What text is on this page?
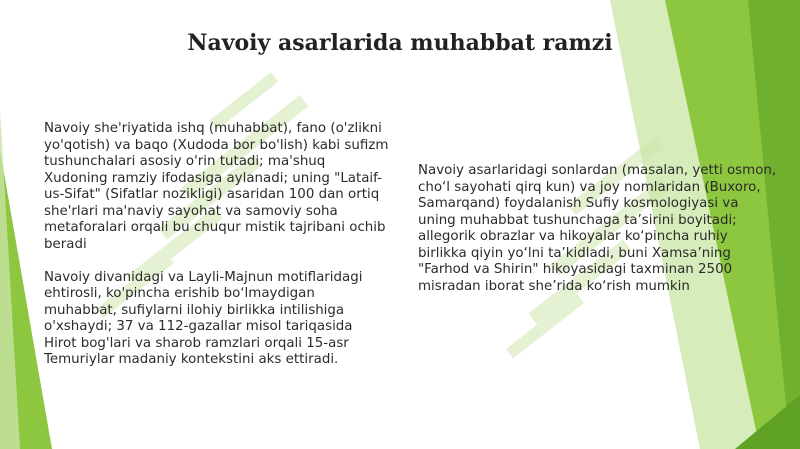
Navoiy asarlarida muhabbat ramzi

Navoiy she'riyatida ishq (muhabbat), fano (o'zlikni yo'qotish) va baqo (Xudoda bor bo'lish) kabi sufizm tushunchalari asosiy o'rin tutadi; ma'shuq Xudoning ramziy ifodasiga aylanadi; uning "Lataif-us-Sifat" (Sifatlar nozikligi) asaridan 100 dan ortiq she'rlari ma'naviy sayohat va samoviy soha metaforalari orqali bu chuqur mistik tajribani ochib beradi

Navoiy divanidagi va Layli-Majnun motiflaridagi ehtirosli, ko'pincha erishib boʻlmaydigan muhabbat, sufiylarni ilohiy birlikka intilishiga o'xshaydi; 37 va 112-gazallar misol tariqasida Hirot bog'lari va sharob ramzlari orqali 15-asr Temuriylar madaniy kontekstini aks ettiradi.

Navoiy asarlaridagi sonlardan (masalan, yetti osmon, cho‘l sayohati qirq kun) va joy nomlaridan (Buxoro, Samarqand) foydalanish Sufiy kosmologiyasi va uning muhabbat tushunchaga ta’sirini boyitadi; allegorik obrazlar va hikoyalar ko‘pincha ruhiy birlikka qiyin yo‘lni ta’kidladi, buni Xamsa’ning "Farhod va Shirin" hikoyasidagi taxminan 2500 misradan iborat she’rida ko‘rish mumkin
